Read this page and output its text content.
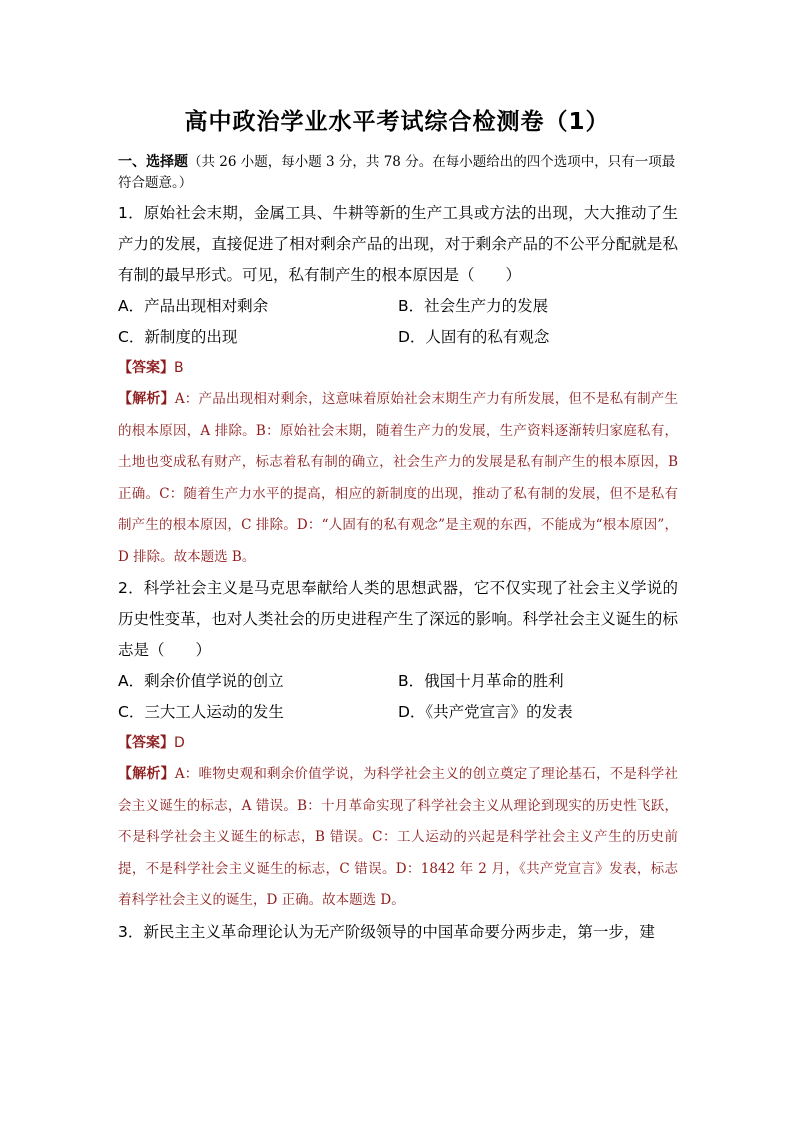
高中政治学业水平考试综合检测卷（1）

一、选择题（共 26 小题，每小题 3 分，共 78 分。在每小题给出的四个选项中，只有一项最符合题意。）

1．原始社会末期，金属工具、牛耕等新的生产工具或方法的出现，大大推动了生产力的发展，直接促进了相对剩余产品的出现，对于剩余产品的不公平分配就是私有制的最早形式。可见，私有制产生的根本原因是（　　）

A．产品出现相对剩余	B．社会生产力的发展
C．新制度的出现	D．人固有的私有观念

【答案】B

【解析】A：产品出现相对剩余，这意味着原始社会末期生产力有所发展，但不是私有制产生的根本原因，A 排除。B：原始社会末期，随着生产力的发展，生产资料逐渐转归家庭私有，土地也变成私有财产，标志着私有制的确立，社会生产力的发展是私有制产生的根本原因，B 正确。C：随着生产力水平的提高，相应的新制度的出现，推动了私有制的发展，但不是私有制产生的根本原因，C 排除。D：“人固有的私有观念”是主观的东西，不能成为“根本原因”，D 排除。故本题选 B。

2．科学社会主义是马克思奉献给人类的思想武器，它不仅实现了社会主义学说的历史性变革，也对人类社会的历史进程产生了深远的影响。科学社会主义诞生的标志是（　　）

A．剩余价值学说的创立	B．俄国十月革命的胜利
C．三大工人运动的发生	D．《共产党宣言》的发表

【答案】D

【解析】A：唯物史观和剩余价值学说，为科学社会主义的创立奠定了理论基石，不是科学社会主义诞生的标志，A 错误。B：十月革命实现了科学社会主义从理论到现实的历史性飞跃，不是科学社会主义诞生的标志，B 错误。C：工人运动的兴起是科学社会主义产生的历史前提，不是科学社会主义诞生的标志，C 错误。D：1842 年 2 月，《共产党宣言》发表，标志着科学社会主义的诞生，D 正确。故本题选 D。

3．新民主主义革命理论认为无产阶级领导的中国革命要分两步走，第一步，建
